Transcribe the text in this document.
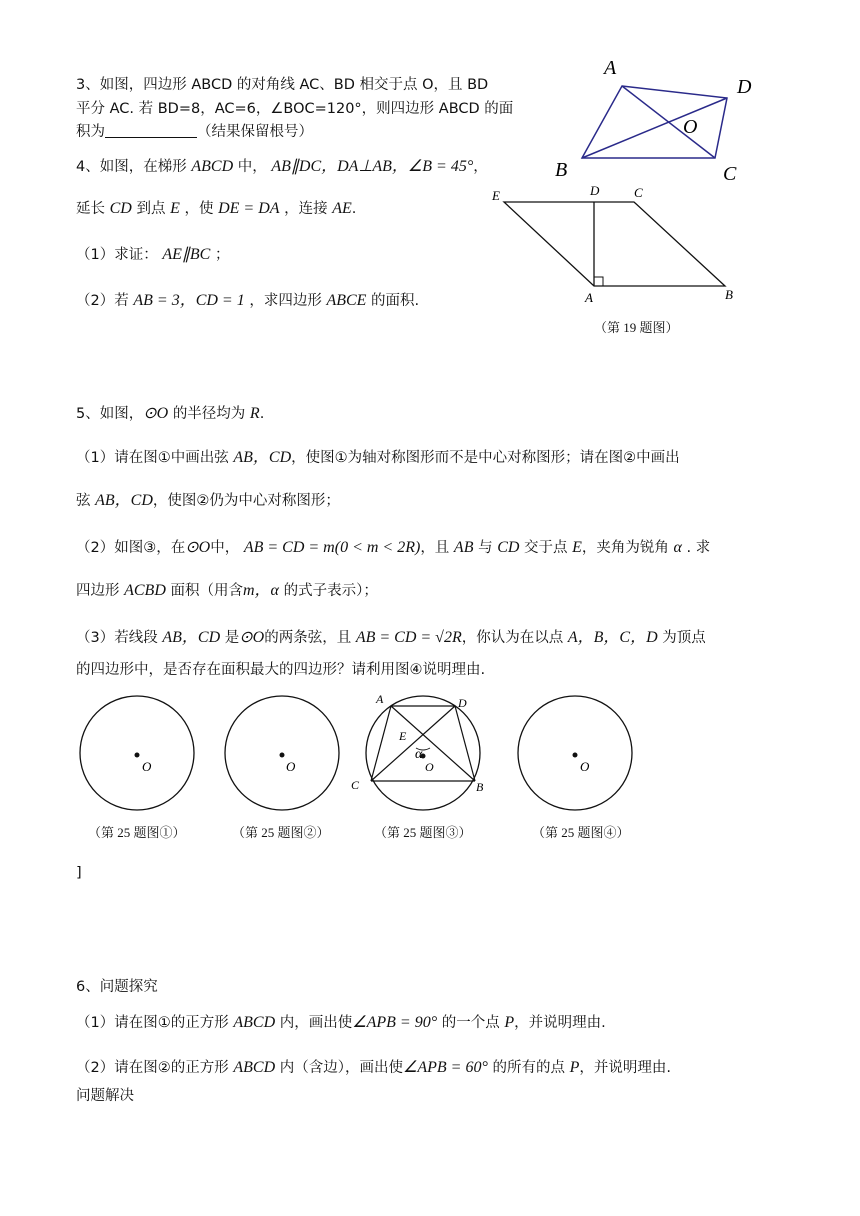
3、如图，四边形 ABCD 的对角线 AC、BD 相交于点 O，且 BD
平分 AC. 若 BD=8，AC=6，∠BOC=120°，则四边形 ABCD 的面
积为	（结果保留根号）
A
D
O
B	C
4、如图，在梯形 ABCD 中， AB∥DC，DA⊥AB，∠B = 45°，
延长 CD 到点 E ，使 DE = DA ，连接 AE.
（1）求证： AE∥BC ；
（2）若 AB = 3，CD = 1 ，求四边形 ABCE 的面积.
E	D	C
A	B
（第 19 题图）
5、如图，⊙O 的半径均为 R.
（1）请在图①中画出弦 AB，CD，使图①为轴对称图形而不是中心对称图形；请在图②中画出
弦 AB，CD，使图②仍为中心对称图形；
（2）如图③，在⊙O中， AB = CD = m(0 < m < 2R)，且 AB 与 CD 交于点 E，夹角为锐角 α . 求
四边形 ACBD 面积（用含m，α 的式子表示）；
（3）若线段 AB，CD 是⊙O的两条弦，且 AB = CD = √2R，你认为在以点 A，B，C，D 为顶点
的四边形中，是否存在面积最大的四边形？请利用图④说明理由.
O
（第 25 题图①）
O
（第 25 题图②）
A	D
E
α
O
C	B
（第 25 题图③）
O
（第 25 题图④）
]
6、问题探究
（1）请在图①的正方形 ABCD 内，画出使∠APB = 90° 的一个点 P，并说明理由.
（2）请在图②的正方形 ABCD 内（含边），画出使∠APB = 60° 的所有的点 P，并说明理由.
问题解决
